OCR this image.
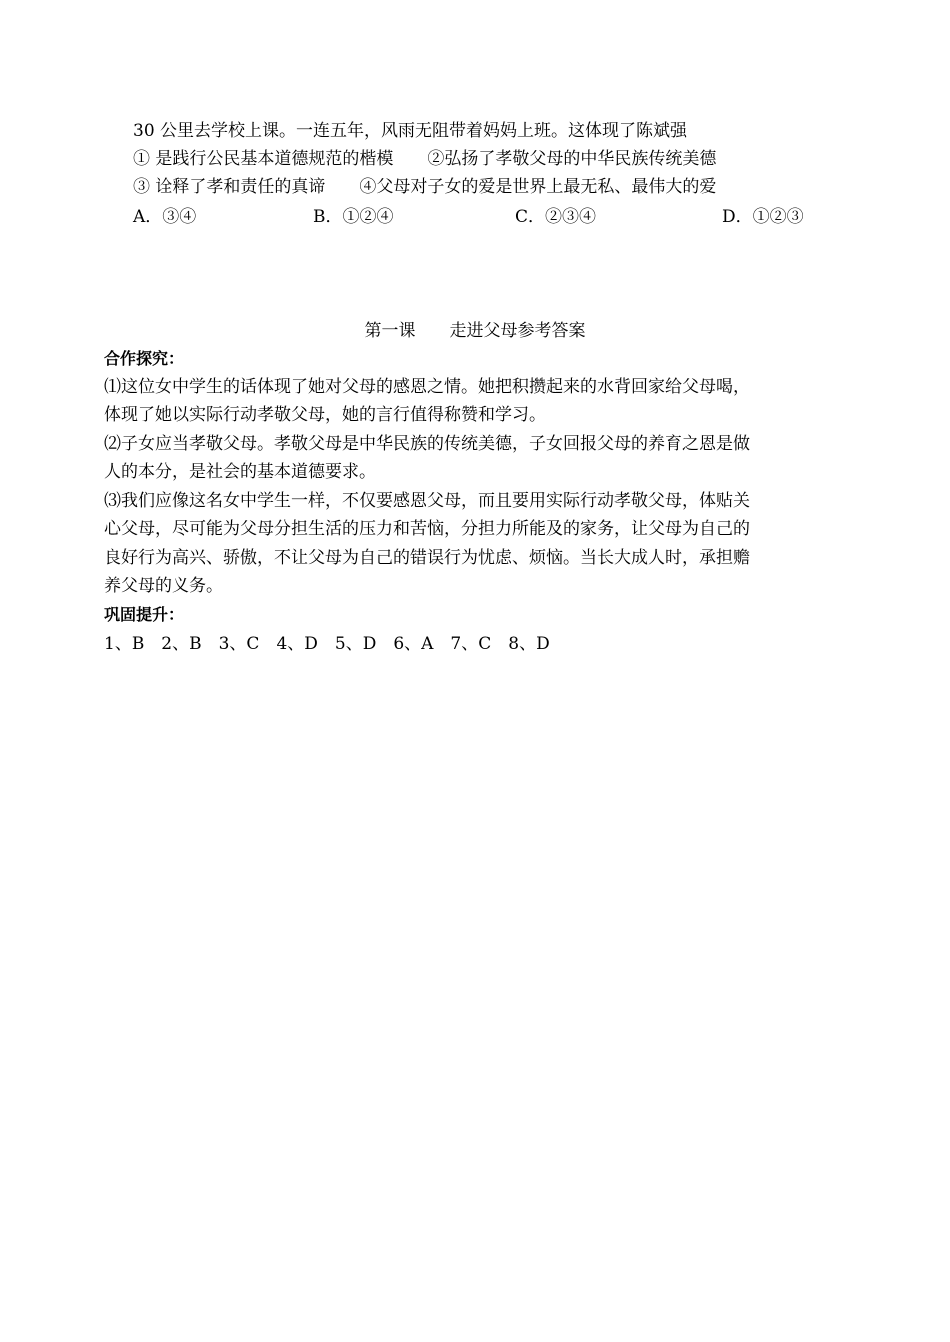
30 公里去学校上课。一连五年，风雨无阻带着妈妈上班。这体现了陈斌强

① 是践行公民基本道德规范的楷模　　②弘扬了孝敬父母的中华民族传统美德

③ 诠释了孝和责任的真谛　　④父母对子女的爱是世界上最无私、最伟大的爱

A．③④	B．①②④	C．②③④	D．①②③
第一课　　走进父母参考答案

合作探究：

⑴这位女中学生的话体现了她对父母的感恩之情。她把积攒起来的水背回家给父母喝，

体现了她以实际行动孝敬父母，她的言行值得称赞和学习。

⑵子女应当孝敬父母。孝敬父母是中华民族的传统美德，子女回报父母的养育之恩是做

人的本分，是社会的基本道德要求。

⑶我们应像这名女中学生一样，不仅要感恩父母，而且要用实际行动孝敬父母，体贴关

心父母，尽可能为父母分担生活的压力和苦恼，分担力所能及的家务，让父母为自己的

良好行为高兴、骄傲，不让父母为自己的错误行为忧虑、烦恼。当长大成人时，承担赡

养父母的义务。

巩固提升：

1、B　2、B　3、C　4、D　5、D　6、A　7、C　8、D
